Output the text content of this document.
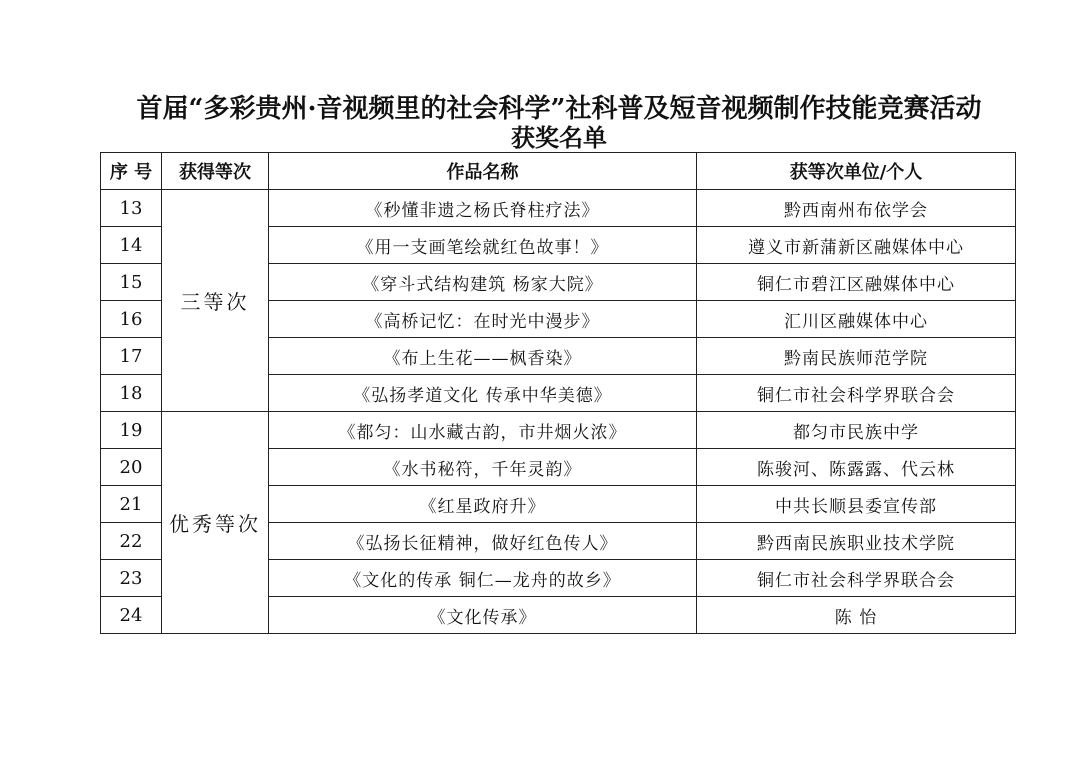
首届“多彩贵州·音视频里的社会科学”社科普及短音视频制作技能竞赛活动
获奖名单
序 号	获得等次	作品名称	获等次单位/个人
13	三等次	《秒懂非遗之杨氏脊柱疗法》	黔西南州布依学会
14		《用一支画笔绘就红色故事！》	遵义市新蒲新区融媒体中心
15		《穿斗式结构建筑 杨家大院》	铜仁市碧江区融媒体中心
16		《高桥记忆：在时光中漫步》	汇川区融媒体中心
17		《布上生花——枫香染》	黔南民族师范学院
18		《弘扬孝道文化 传承中华美德》	铜仁市社会科学界联合会
19	优秀等次	《都匀：山水藏古韵，市井烟火浓》	都匀市民族中学
20		《水书秘符，千年灵韵》	陈骏河、陈露露、代云林
21		《红星政府升》	中共长顺县委宣传部
22		《弘扬长征精神，做好红色传人》	黔西南民族职业技术学院
23		《文化的传承 铜仁—龙舟的故乡》	铜仁市社会科学界联合会
24		《文化传承》	陈 怡
